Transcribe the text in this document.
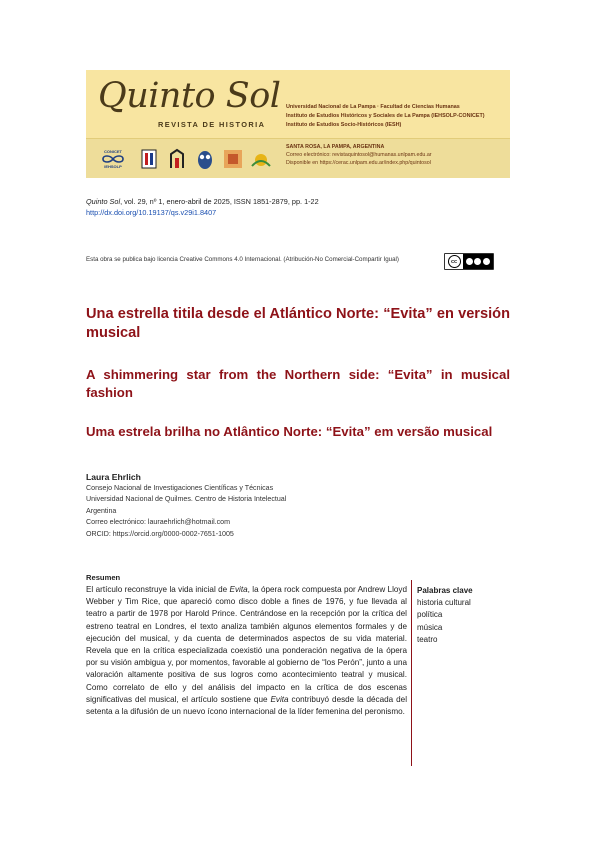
Quinto Sol
REVISTA DE HISTORIA
Universidad Nacional de La Pampa · Facultad de Ciencias Humanas
Instituto de Estudios Históricos y Sociales de La Pampa (IEHSOLP-CONICET)
Instituto de Estudios Socio-Históricos (IESH)
CONICET
IEHSOLP
SANTA ROSA, LA PAMPA, ARGENTINA
Correo electrónico: revistaquintosol@humanas.unlpam.edu.ar
Disponible en https://cerac.unlpam.edu.ar/index.php/quintosol
Quinto Sol, vol. 29, nº 1, enero-abril de 2025, ISSN 1851-2879, pp. 1-22
http://dx.doi.org/10.19137/qs.v29i1.8407
Esta obra se publica bajo licencia Creative Commons 4.0 Internacional. (Atribución-No Comercial-Compartir Igual)	cc
Una estrella titila desde el Atlántico Norte: “Evita” en versión musical
A shimmering star from the Northern side: “Evita” in musical fashion
Uma estrela brilha no Atlântico Norte: “Evita” em versão musical
Laura Ehrlich
Consejo Nacional de Investigaciones Científicas y Técnicas
Universidad Nacional de Quilmes. Centro de Historia Intelectual
Argentina
Correo electrónico: lauraehrlich@hotmail.com
ORCID: https://orcid.org/0000-0002-7651-1005
Resumen

El artículo reconstruye la vida inicial de Evita, la ópera rock compuesta por Andrew Lloyd Webber y Tim Rice, que apareció como disco doble a fines de 1976, y fue llevada al teatro a partir de 1978 por Harold Prince. Centrándose en la recepción por la crítica del estreno teatral en Londres, el texto analiza también algunos elementos formales y de ejecución del musical, y da cuenta de determinados aspectos de su vida material. Revela que en la crítica especializada coexistió una ponderación negativa de la ópera por su visión ambigua y, por momentos, favorable al gobierno de “los Perón”, junto a una valoración altamente positiva de sus logros como acontecimiento teatral y musical. Como correlato de ello y del análisis del impacto en la crítica de dos escenas significativas del musical, el artículo sostiene que Evita contribuyó desde la década del setenta a la difusión de un nuevo ícono internacional de la líder femenina del peronismo.

Palabras clave
historia cultural
política
música
teatro
